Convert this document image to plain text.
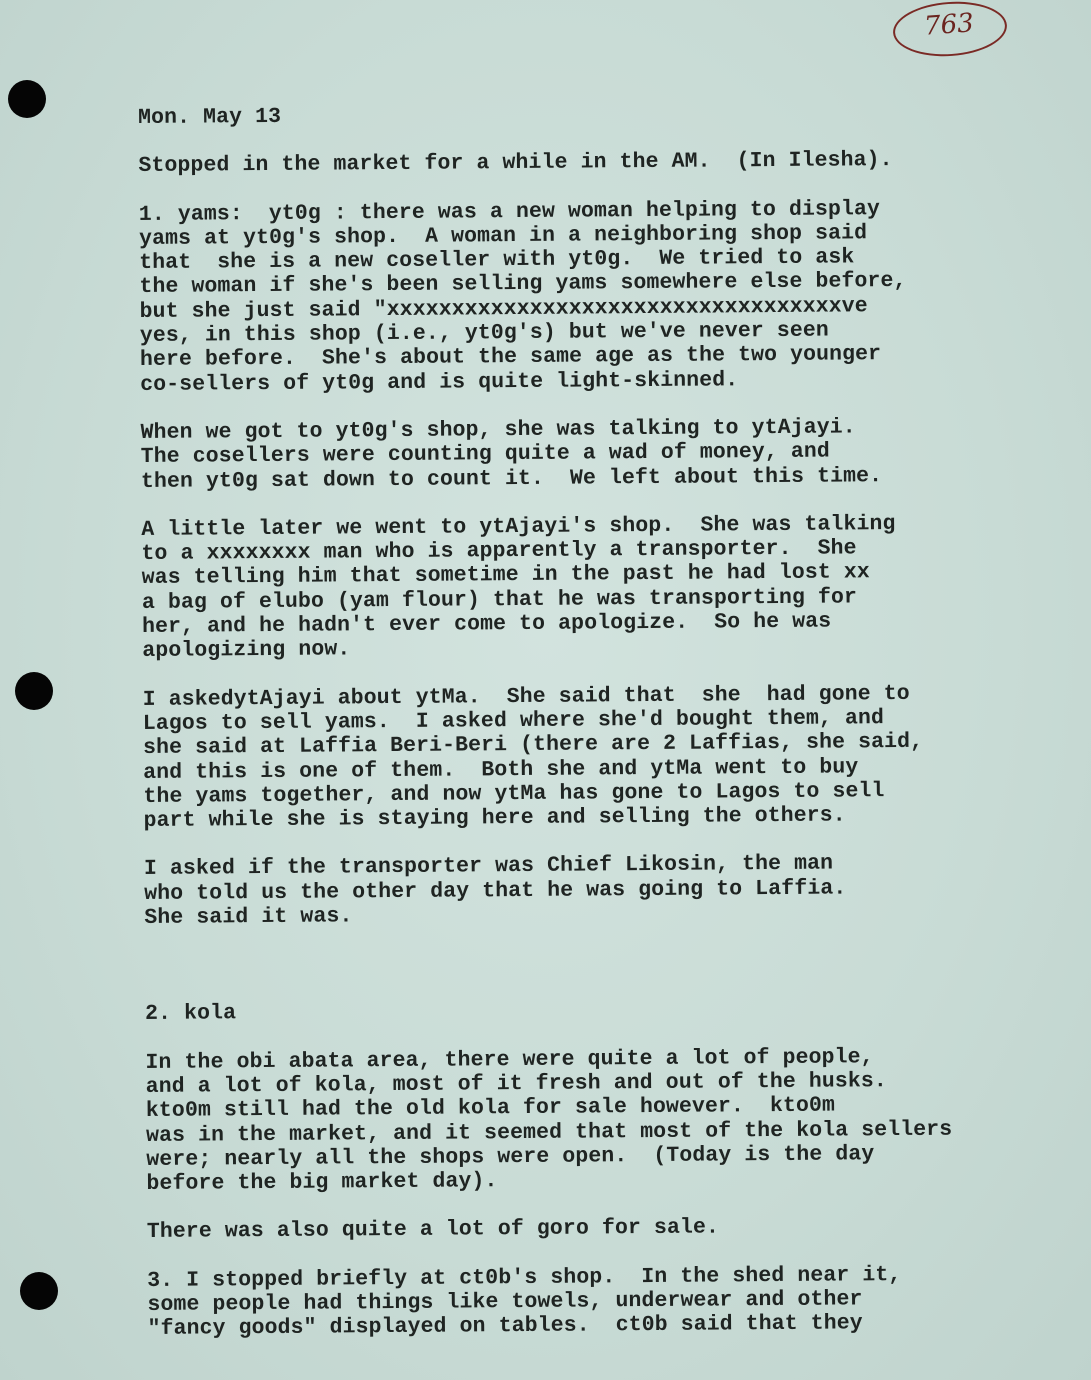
763
Mon. May 13
Stopped in the market for a while in the AM.  (In Ilesha).
1. yams:  yt0g : there was a new woman helping to display
yams at yt0g's shop.  A woman in a neighboring shop said
that  she is a new coseller with yt0g.  We tried to ask
the woman if she's been selling yams somewhere else before,
but she just said "xxxxxxxxxxxxxxxxxxxxxxxxxxxxxxxxxxxve
yes, in this shop (i.e., yt0g's) but we've never seen
here before.  She's about the same age as the two younger
co-sellers of yt0g and is quite light-skinned.
When we got to yt0g's shop, she was talking to ytAjayi.
The cosellers were counting quite a wad of money, and
then yt0g sat down to count it.  We left about this time.
A little later we went to ytAjayi's shop.  She was talking
to a xxxxxxxx man who is apparently a transporter.  She
was telling him that sometime in the past he had lost xx
a bag of elubo (yam flour) that he was transporting for
her, and he hadn't ever come to apologize.  So he was
apologizing now.
I askedytAjayi about ytMa.  She said that  she  had gone to
Lagos to sell yams.  I asked where she'd bought them, and
she said at Laffia Beri-Beri (there are 2 Laffias, she said,
and this is one of them.  Both she and ytMa went to buy
the yams together, and now ytMa has gone to Lagos to sell
part while she is staying here and selling the others.
I asked if the transporter was Chief Likosin, the man
who told us the other day that he was going to Laffia.
She said it was.
2. kola
In the obi abata area, there were quite a lot of people,
and a lot of kola, most of it fresh and out of the husks.
kto0m still had the old kola for sale however.  kto0m
was in the market, and it seemed that most of the kola sellers
were; nearly all the shops were open.  (Today is the day
before the big market day).
There was also quite a lot of goro for sale.
3. I stopped briefly at ct0b's shop.  In the shed near it,
some people had things like towels, underwear and other
"fancy goods" displayed on tables.  ct0b said that they
